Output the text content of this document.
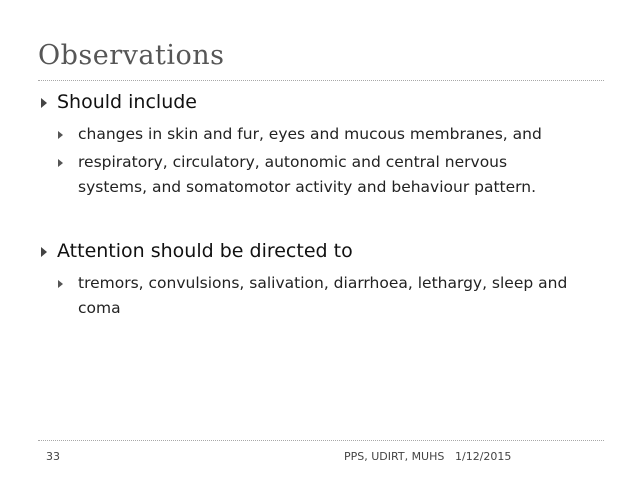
Observations
Should include
changes in skin and fur, eyes and mucous membranes, and
respiratory, circulatory, autonomic and central nervous systems, and somatomotor activity and behaviour pattern.
Attention should be directed to
tremors, convulsions, salivation, diarrhoea, lethargy, sleep and coma
33	PPS, UDIRT, MUHS 1/12/2015
